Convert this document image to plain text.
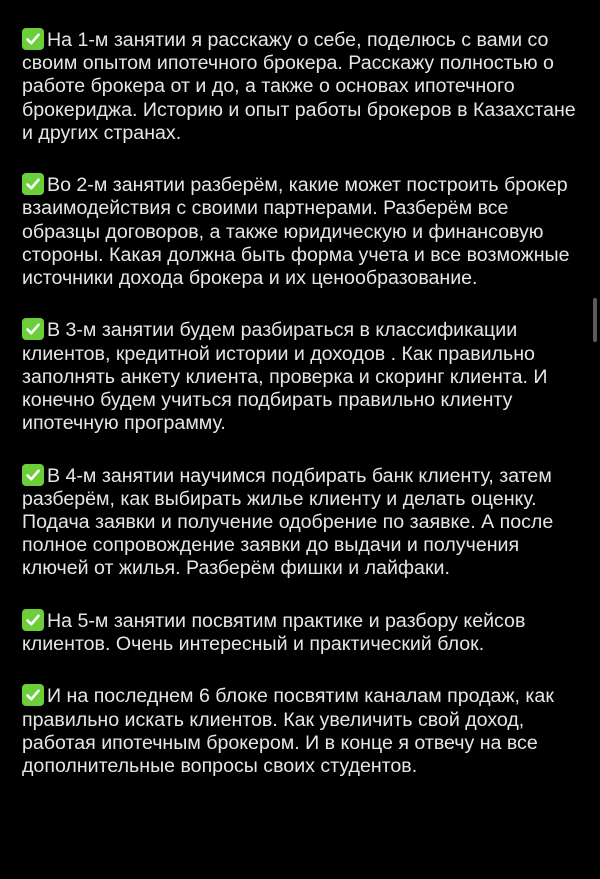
На 1-м занятии я расскажу о себе, поделюсь с вами со своим опытом ипотечного брокера. Расскажу полностью о работе брокера от и до, а также о основах ипотечного брокериджа. Историю и опыт работы брокеров в Казахстане и других странах.

Во 2-м занятии разберём, какие может построить брокер взаимодействия с своими партнерами. Разберём все образцы договоров, а также юридическую и финансовую стороны. Какая должна быть форма учета и все возможные источники дохода брокера и их ценообразование.

В 3-м занятии будем разбираться в классификации клиентов, кредитной истории и доходов . Как правильно заполнять анкету клиента, проверка и скоринг клиента. И конечно будем учиться подбирать правильно клиенту ипотечную программу.

В 4-м занятии научимся подбирать банк клиенту, затем разберём, как выбирать жилье клиенту и делать оценку. Подача заявки и получение одобрение по заявке. А после полное сопровождение заявки до выдачи и получения ключей от жилья. Разберём фишки и лайфаки.

На 5-м занятии посвятим практике и разбору кейсов клиентов. Очень интересный и практический блок.

И на последнем 6 блоке посвятим каналам продаж, как правильно искать клиентов. Как увеличить свой доход, работая ипотечным брокером. И в конце я отвечу на все дополнительные вопросы своих студентов.
